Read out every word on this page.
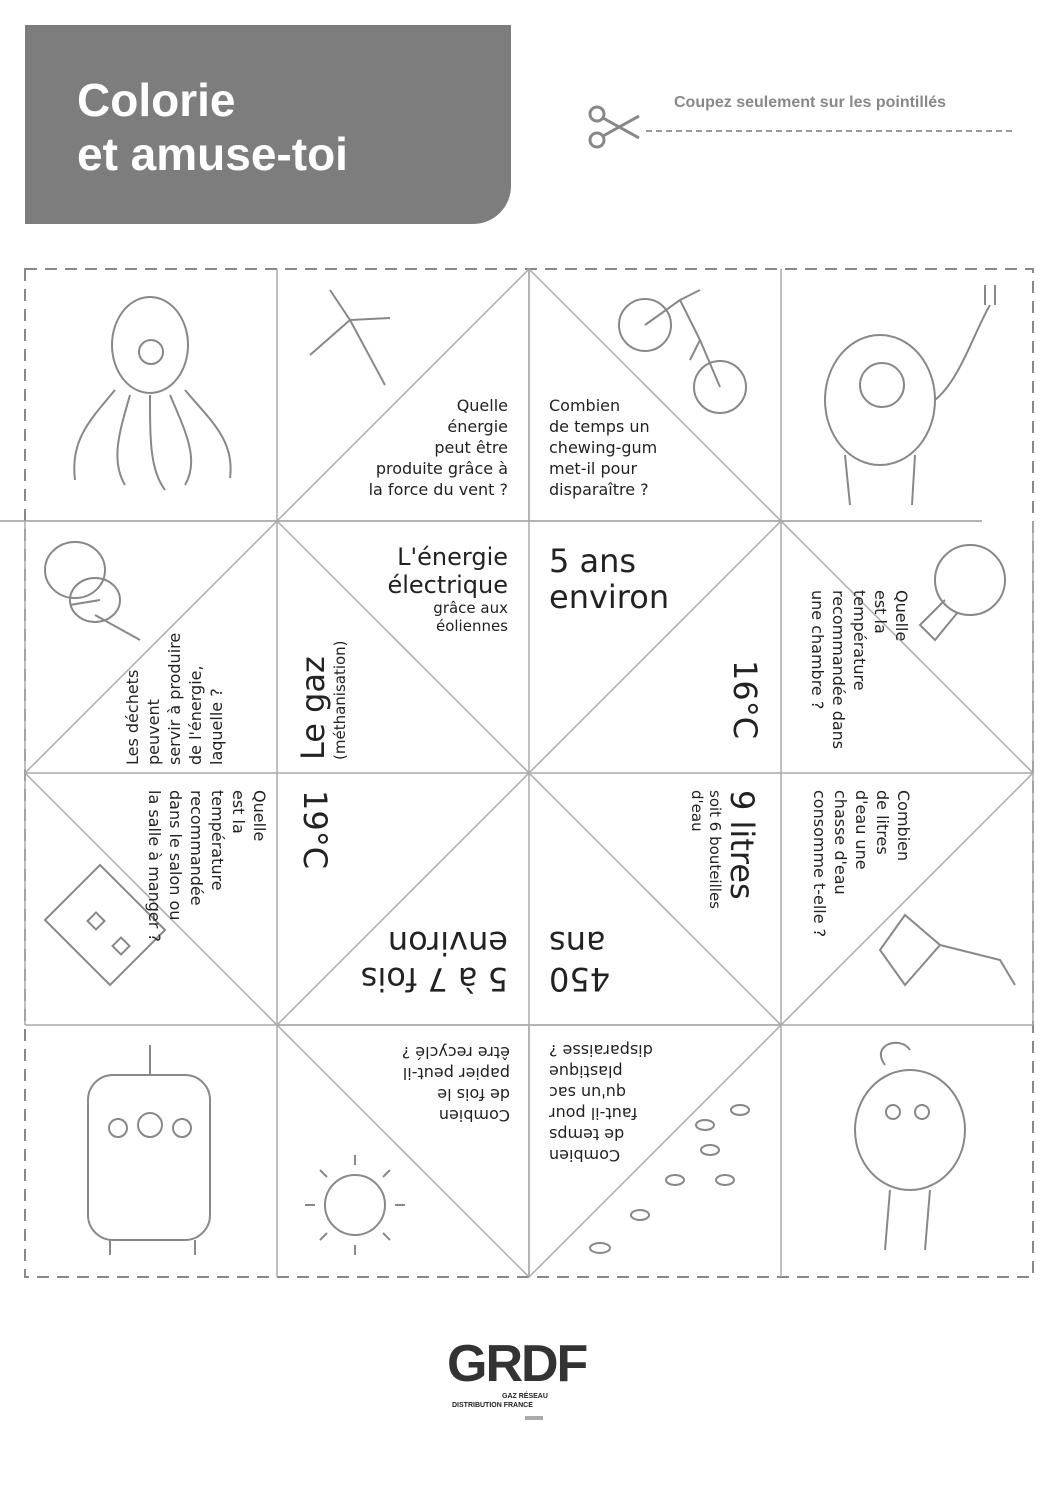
Colorie
et amuse-toi
Coupez seulement sur les pointillés
Quelle
énergie
peut être
produite grâce à
la force du vent ?
Combien
de temps un
chewing-gum
met-il pour
disparaître ?
Les déchets peuvent servir à produire de l'énergie, laquelle ?
Quelle
est la
température
recommandée dans
une chambre ?
Quelle
est la
température
recommandée
dans le salon ou
la salle à manger ?	Combien
de litres
d'eau une
chasse d'eau
consomme t-elle ?
Combien
de fois le
papier peut-il
être recyclé ?
Combien
de temps
faut-il pour
qu'un sac
plastique
disparaisse ?
L'énergie
électrique
grâce aux
éoliennes
5 ans
environ
Le gaz (méthanisation)	16°C
19°C	9 litres
soit 6 bouteilles
d'eau
5 à 7 fois
environ
450
ans
GRDF
GAZ RÉSEAU
DISTRIBUTION FRANCE
